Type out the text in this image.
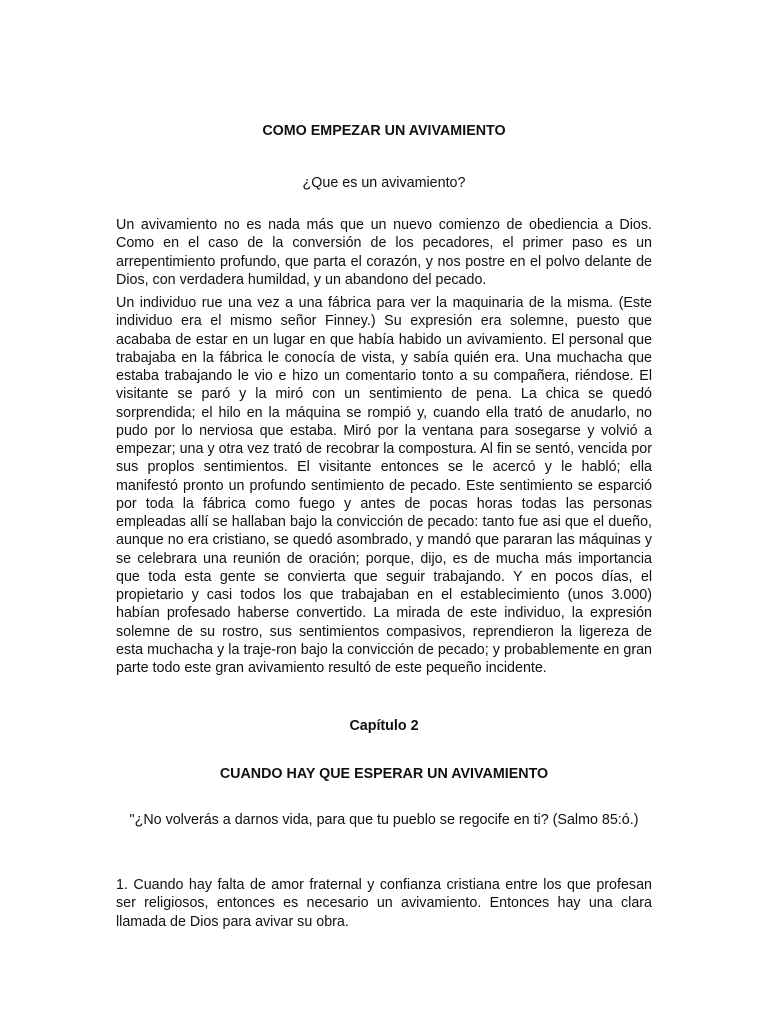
COMO EMPEZAR UN AVIVAMIENTO
¿Que es un avivamiento?

Un avivamiento no es nada más que un nuevo comienzo de obediencia a Dios. Como en el caso de la conversión de los pecadores, el primer paso es un arrepentimiento profundo, que parta el corazón, y nos postre en el polvo delante de Dios, con verdadera humildad, y un abandono del pecado.

Un individuo rue una vez a una fábrica para ver la maquinaria de la misma. (Este individuo era el mismo señor Finney.) Su expresión era solemne, puesto que acababa de estar en un lugar en que había habido un avivamiento. El personal que trabajaba en la fábrica le conocía de vista, y sabía quién era. Una muchacha que estaba trabajando le vio e hizo un comentario tonto a su compañera, riéndose. El visitante se paró y la miró con un sentimiento de pena. La chica se quedó sorprendida; el hilo en la máquina se rompió y, cuando ella trató de anudarlo, no pudo por lo nerviosa que estaba. Miró por la ventana para sosegarse y volvió a empezar; una y otra vez trató de recobrar la compostura. Al fin se sentó, vencida por sus proplos sentimientos. El visitante entonces se le acercó y le habló; ella manifestó pronto un profundo sentimiento de pecado. Este sentimiento se esparció por toda la fábrica como fuego y antes de pocas horas todas las personas empleadas allí se hallaban bajo la convicción de pecado: tanto fue asi que el dueño, aunque no era cristiano, se quedó asombrado, y mandó que pararan las máquinas y se celebrara una reunión de oración; porque, dijo, es de mucha más importancia que toda esta gente se convierta que seguir trabajando. Y en pocos días, el propietario y casi todos los que trabajaban en el establecimiento (unos 3.000) habían profesado haberse convertido. La mirada de este individuo, la expresión solemne de su rostro, sus sentimientos compasivos, reprendieron la ligereza de esta muchacha y la traje-ron bajo la convicción de pecado; y probablemente en gran parte todo este gran avivamiento resultó de este pequeño incidente.

Capítulo 2
CUANDO HAY QUE ESPERAR UN AVIVAMIENTO
"¿No volverás a darnos vida, para que tu pueblo se regocife en ti? (Salmo 85:ó.)

1. Cuando hay falta de amor fraternal y confianza cristiana entre los que profesan ser religiosos, entonces es necesario un avivamiento. Entonces hay una clara llamada de Dios para avivar su obra.
